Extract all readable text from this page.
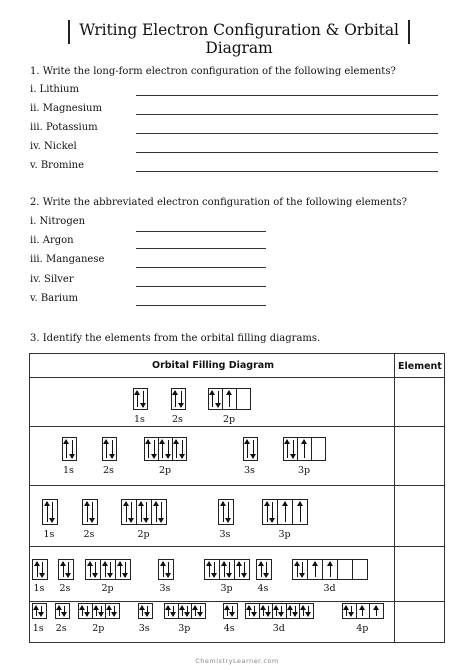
Writing Electron Configuration & Orbital Diagram
1. Write the long-form electron configuration of the following elements?
i. Lithium
ii. Magnesium
iii. Potassium
iv. Nickel
v. Bromine
2. Write the abbreviated electron configuration of the following elements?
i. Nitrogen
ii. Argon
iii. Manganese
iv. Silver
v. Barium
3. Identify the elements from the orbital filling diagrams.
Orbital Filling Diagram	Element
1s	2s	2p
1s	2s	2p	3s	3p
1s	2s	2p	3s	3p
1s 2s	2p	3s	3p	4s	3d
1s 2s	2p	3s	3p	4s	3d	4p
ChemistryLearner.com
